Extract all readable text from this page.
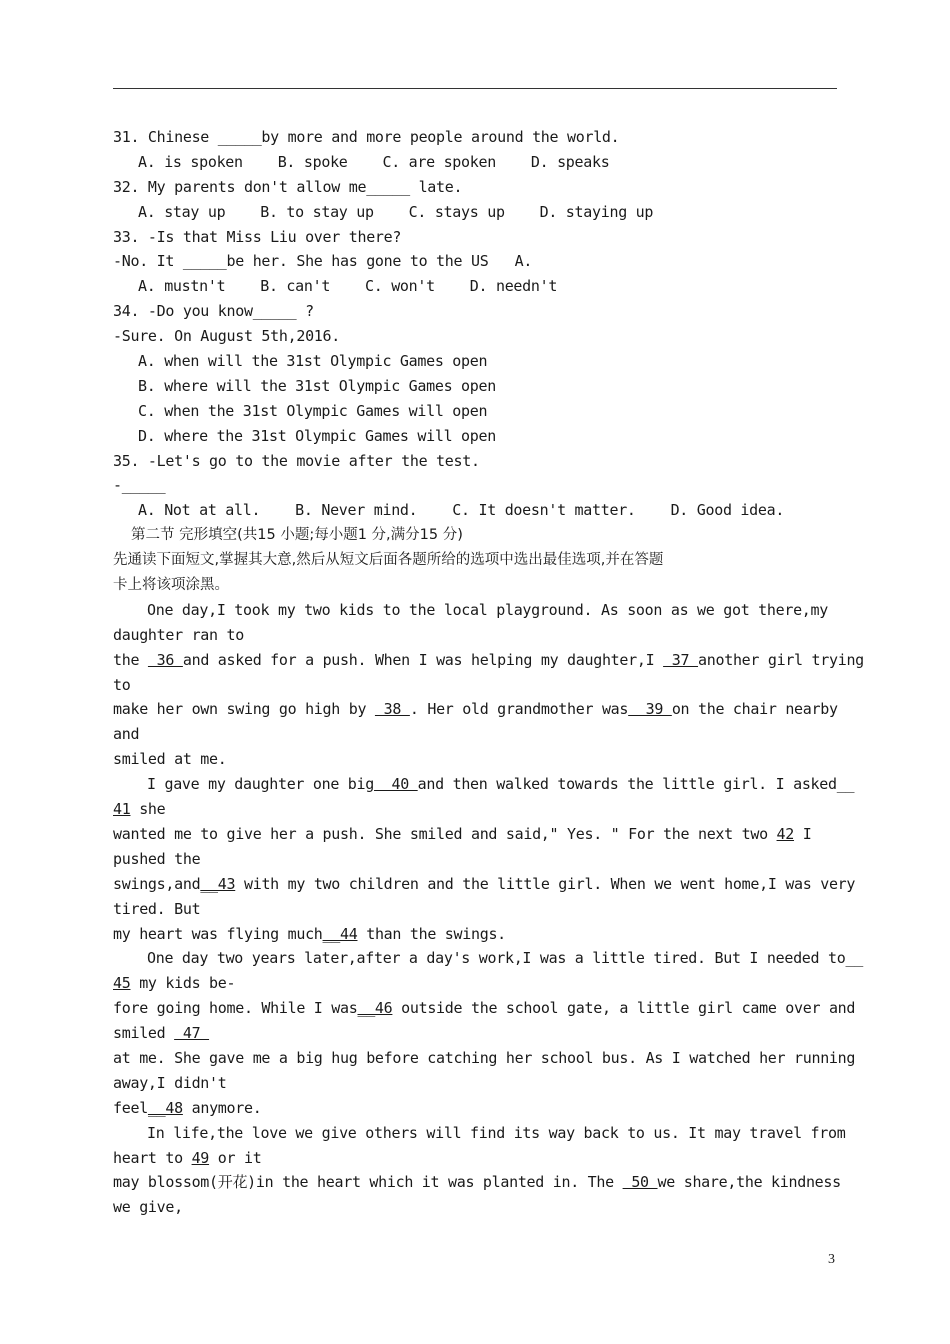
31. Chinese _____by more and more people around the world.
A. is spoken    B. spoke    C. are spoken    D. speaks
32. My parents don't allow me_____ late.
A. stay up    B. to stay up    C. stays up    D. staying up
33. -Is that Miss Liu over there?
-No. It _____be her. She has gone to the US   A.
A. mustn't    B. can't    C. won't    D. needn't
34. -Do you know_____ ?
-Sure. On August 5th,2016.
A. when will the 31st Olympic Games open
B. where will the 31st Olympic Games open
C. when the 31st Olympic Games will open
D. where the 31st Olympic Games will open
35. -Let's go to the movie after the test.
-_____
A. Not at all.    B. Never mind.    C. It doesn't matter.    D. Good idea.
第二节 完形填空(共15 小题;每小题1 分,满分15 分)
先通读下面短文,掌握其大意,然后从短文后面各题所给的选项中选出最佳选项,并在答题
卡上将该项涂黑。
One day,I took my two kids to the local playground. As soon as we got there,my
daughter ran to
the  36 and asked for a push. When I was helping my daughter,I  37 another girl trying
to
make her own swing go high by  38 . Her old grandmother was  39 on the chair nearby
and
smiled at me.
I gave my daughter one big  40 and then walked towards the little girl. I asked__
41 she
wanted me to give her a push. She smiled and said," Yes. " For the next two 42 I
pushed the
swings,and__43 with my two children and the little girl. When we went home,I was very
tired. But
my heart was flying much__44 than the swings.
One day two years later,after a day's work,I was a little tired. But I needed to__
45 my kids be-
fore going home. While I was__46 outside the school gate, a little girl came over and
smiled  47
at me. She gave me a big hug before catching her school bus. As I watched her running
away,I didn't
feel__48 anymore.
In life,the love we give others will find its way back to us. It may travel from
heart to 49 or it
may blossom(开花)in the heart which it was planted in. The  50 we share,the kindness
we give,
3
